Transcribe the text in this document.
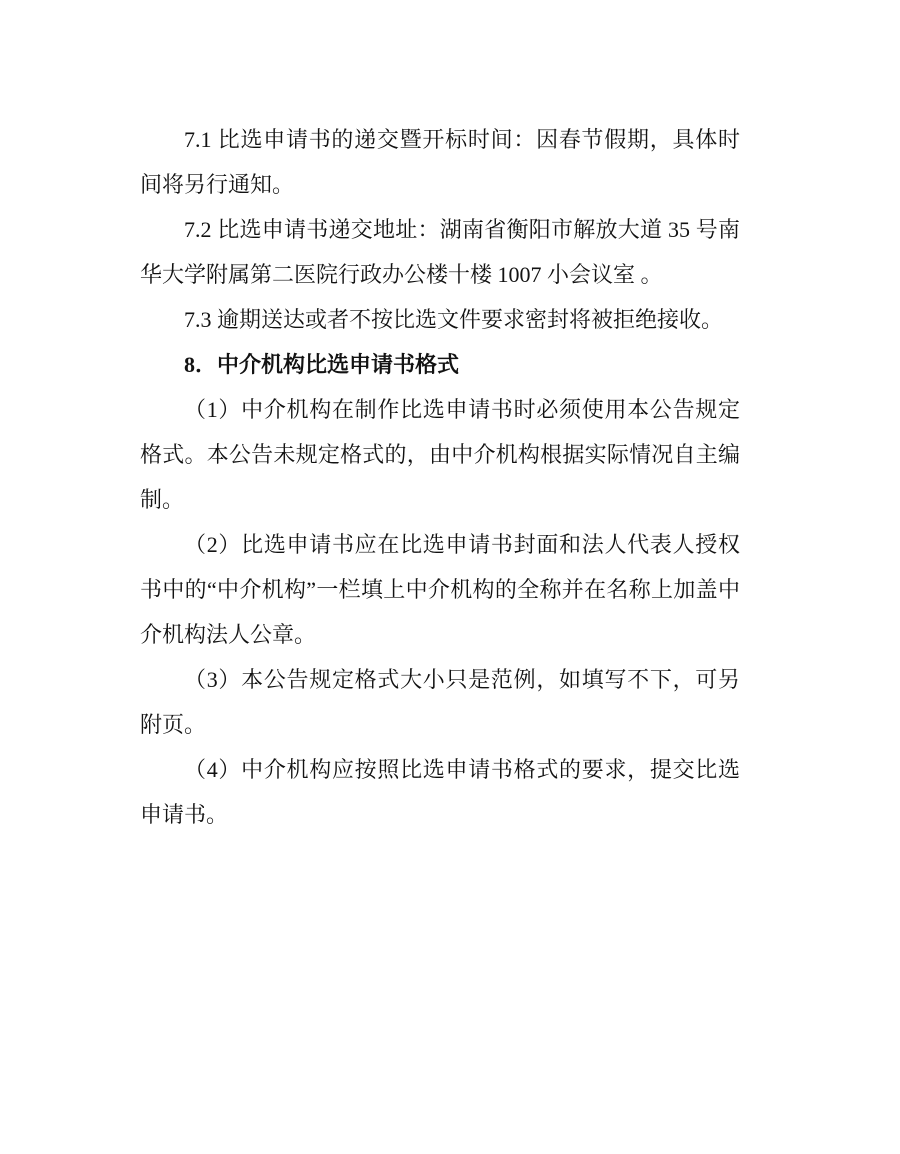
7.1 比选申请书的递交暨开标时间：因春节假期，具体时间将另行通知。

7.2 比选申请书递交地址：湖南省衡阳市解放大道 35 号南华大学附属第二医院行政办公楼十楼 1007 小会议室 。

7.3 逾期送达或者不按比选文件要求密封将被拒绝接收。

8．中介机构比选申请书格式

（1）中介机构在制作比选申请书时必须使用本公告规定格式。本公告未规定格式的，由中介机构根据实际情况自主编制。

（2）比选申请书应在比选申请书封面和法人代表人授权书中的“中介机构”一栏填上中介机构的全称并在名称上加盖中介机构法人公章。

（3）本公告规定格式大小只是范例，如填写不下，可另附页。

（4）中介机构应按照比选申请书格式的要求，提交比选申请书。
